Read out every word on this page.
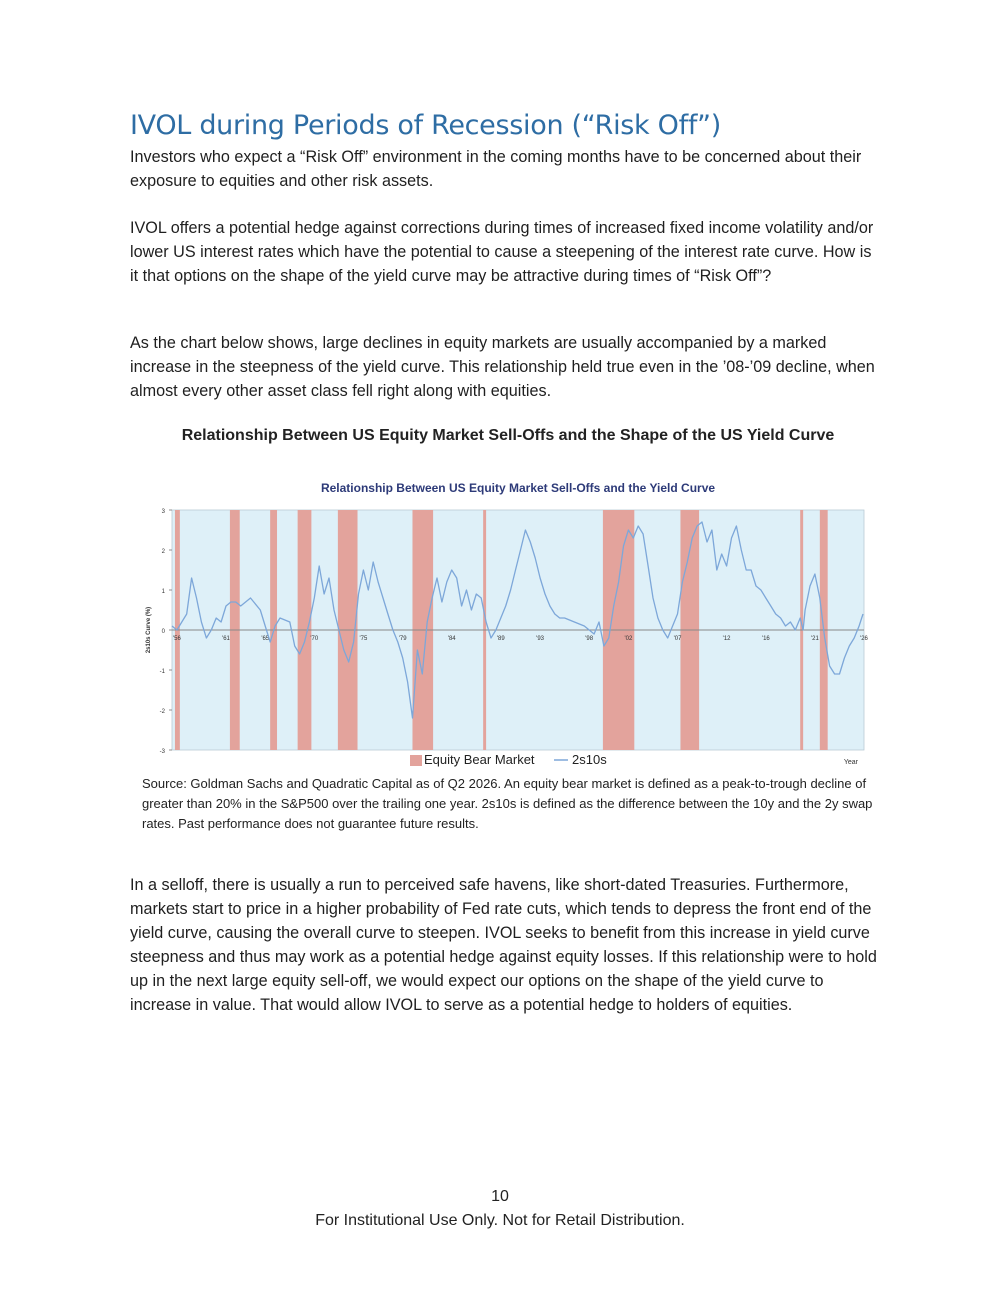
IVOL during Periods of Recession (“Risk Off”)

Investors who expect a “Risk Off” environment in the coming months have to be concerned about their exposure to equities and other risk assets.

IVOL offers a potential hedge against corrections during times of increased fixed income volatility and/or lower US interest rates which have the potential to cause a steepening of the interest rate curve. How is it that options on the shape of the yield curve may be attractive during times of “Risk Off”?

As the chart below shows, large declines in equity markets are usually accompanied by a marked increase in the steepness of the yield curve. This relationship held true even in the ’08-’09 decline, when almost every other asset class fell right along with equities.

Relationship Between US Equity Market Sell-Offs and the Shape of the US Yield Curve

Relationship Between US Equity Market Sell-Offs and the Yield Curve
-3
-2
-1
0
1
2
3
2s10s Curve (%)	'56	'61	'65	'70	'75	'79	'84	'89	'93	'98	'02	'07	'12	'16	'21	'26
Equity Bear Market	2s10s	Year

Source: Goldman Sachs and Quadratic Capital as of Q2 2026. An equity bear market is defined as a peak-to-trough decline of greater than 20% in the S&P500 over the trailing one year. 2s10s is defined as the difference between the 10y and the 2y swap rates. Past performance does not guarantee future results.

In a selloff, there is usually a run to perceived safe havens, like short-dated Treasuries. Furthermore, markets start to price in a higher probability of Fed rate cuts, which tends to depress the front end of the yield curve, causing the overall curve to steepen. IVOL seeks to benefit from this increase in yield curve steepness and thus may work as a potential hedge against equity losses. If this relationship were to hold up in the next large equity sell-off, we would expect our options on the shape of the yield curve to increase in value. That would allow IVOL to serve as a potential hedge to holders of equities.

10
For Institutional Use Only. Not for Retail Distribution.
